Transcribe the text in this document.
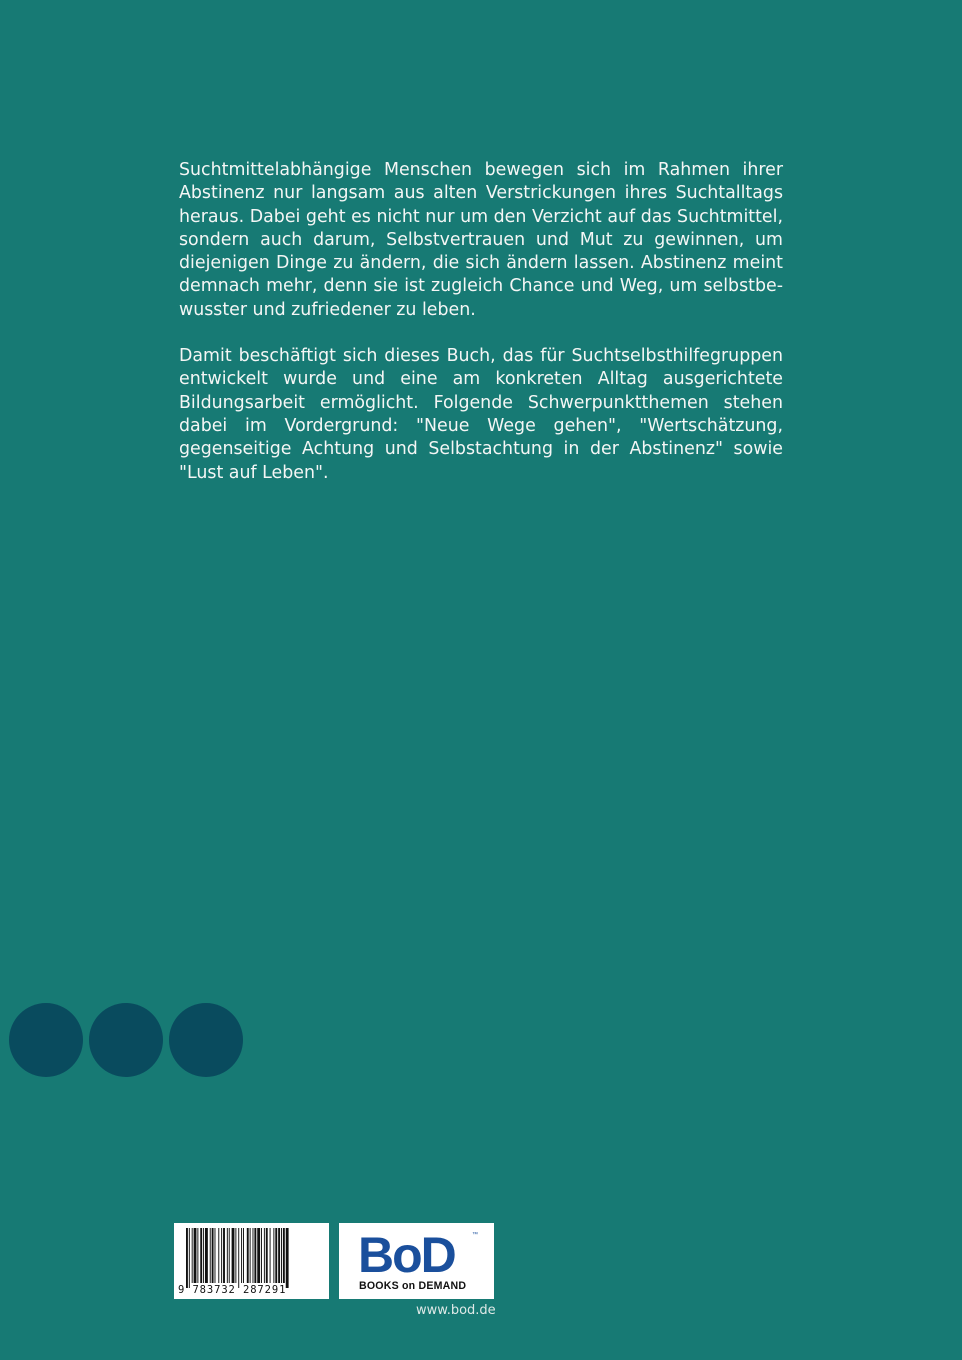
Suchtmittelabhängige Menschen bewegen sich im Rahmen ihrer Abstinenz nur langsam aus alten Verstrickungen ihres Suchtalltags heraus. Dabei geht es nicht nur um den Verzicht auf das Suchtmittel, sondern auch darum, Selbstvertrauen und Mut zu gewinnen, um diejenigen Dinge zu ändern, die sich ändern lassen. Abstinenz meint demnach mehr, denn sie ist zugleich Chance und Weg, um selbstbewusster und zufriedener zu leben.

Damit beschäftigt sich dieses Buch, das für Suchtselbsthilfegruppen entwickelt wurde und eine am konkreten Alltag ausgerichtete Bildungsarbeit ermöglicht. Folgende Schwerpunktthemen stehen dabei im Vordergrund: "Neue Wege gehen", "Wertschätzung, gegenseitige Achtung und Selbstachtung in der Abstinenz" sowie "Lust auf Leben".

9 783732 287291
BoD	™
BOOKS on DEMAND
www.bod.de
